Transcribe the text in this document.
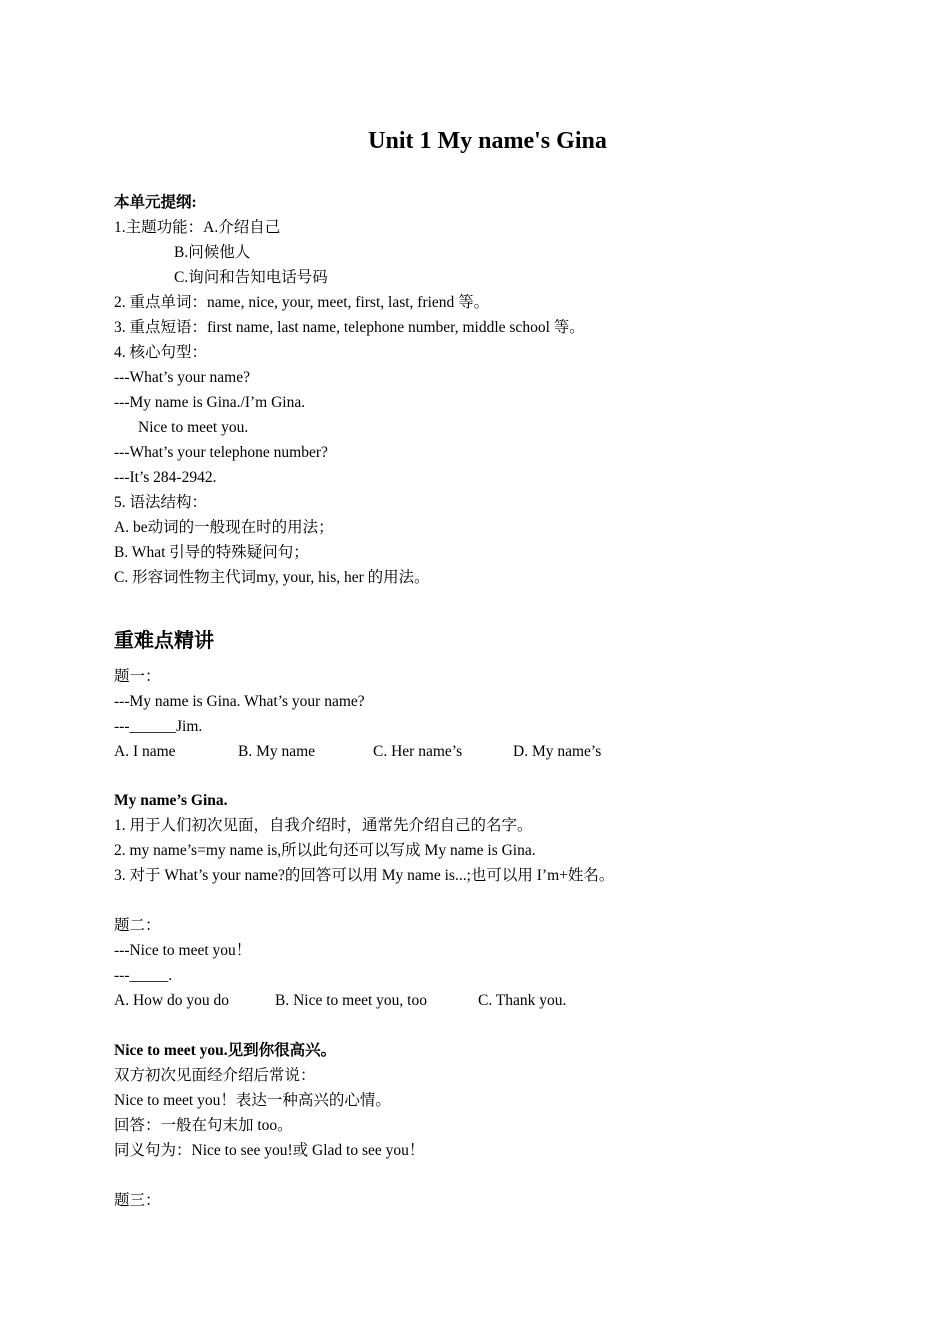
Unit 1 My name's Gina
本单元提纲:
1.主题功能：A.介绍自己
B.问候他人
C.询问和告知电话号码
2. 重点单词：name, nice, your, meet, first, last, friend 等。
3. 重点短语：first name, last name, telephone number, middle school 等。
4. 核心句型：
---What’s your name?
---My name is Gina./I’m Gina.
Nice to meet you.
---What’s your telephone number?
---It’s 284-2942.
5. 语法结构：
A. be动词的一般现在时的用法；
B. What 引导的特殊疑问句；
C. 形容词性物主代词my, your, his, her 的用法。
重难点精讲
题一：
---My name is Gina. What’s your name?
---______Jim.
A. I name	B. My name	C. Her name’s	D. My name’s
My name’s Gina.
1. 用于人们初次见面，自我介绍时，通常先介绍自己的名字。
2. my name’s=my name is,所以此句还可以写成 My name is Gina.
3. 对于 What’s your name?的回答可以用 My name is...;也可以用 I’m+姓名。
题二：
---Nice to meet you！
---_____.
A. How do you do	B. Nice to meet you, too	C. Thank you.
Nice to meet you.见到你很高兴。
双方初次见面经介绍后常说：
Nice to meet you！表达一种高兴的心情。
回答：一般在句末加 too。
同义句为：Nice to see you!或 Glad to see you！
题三：
